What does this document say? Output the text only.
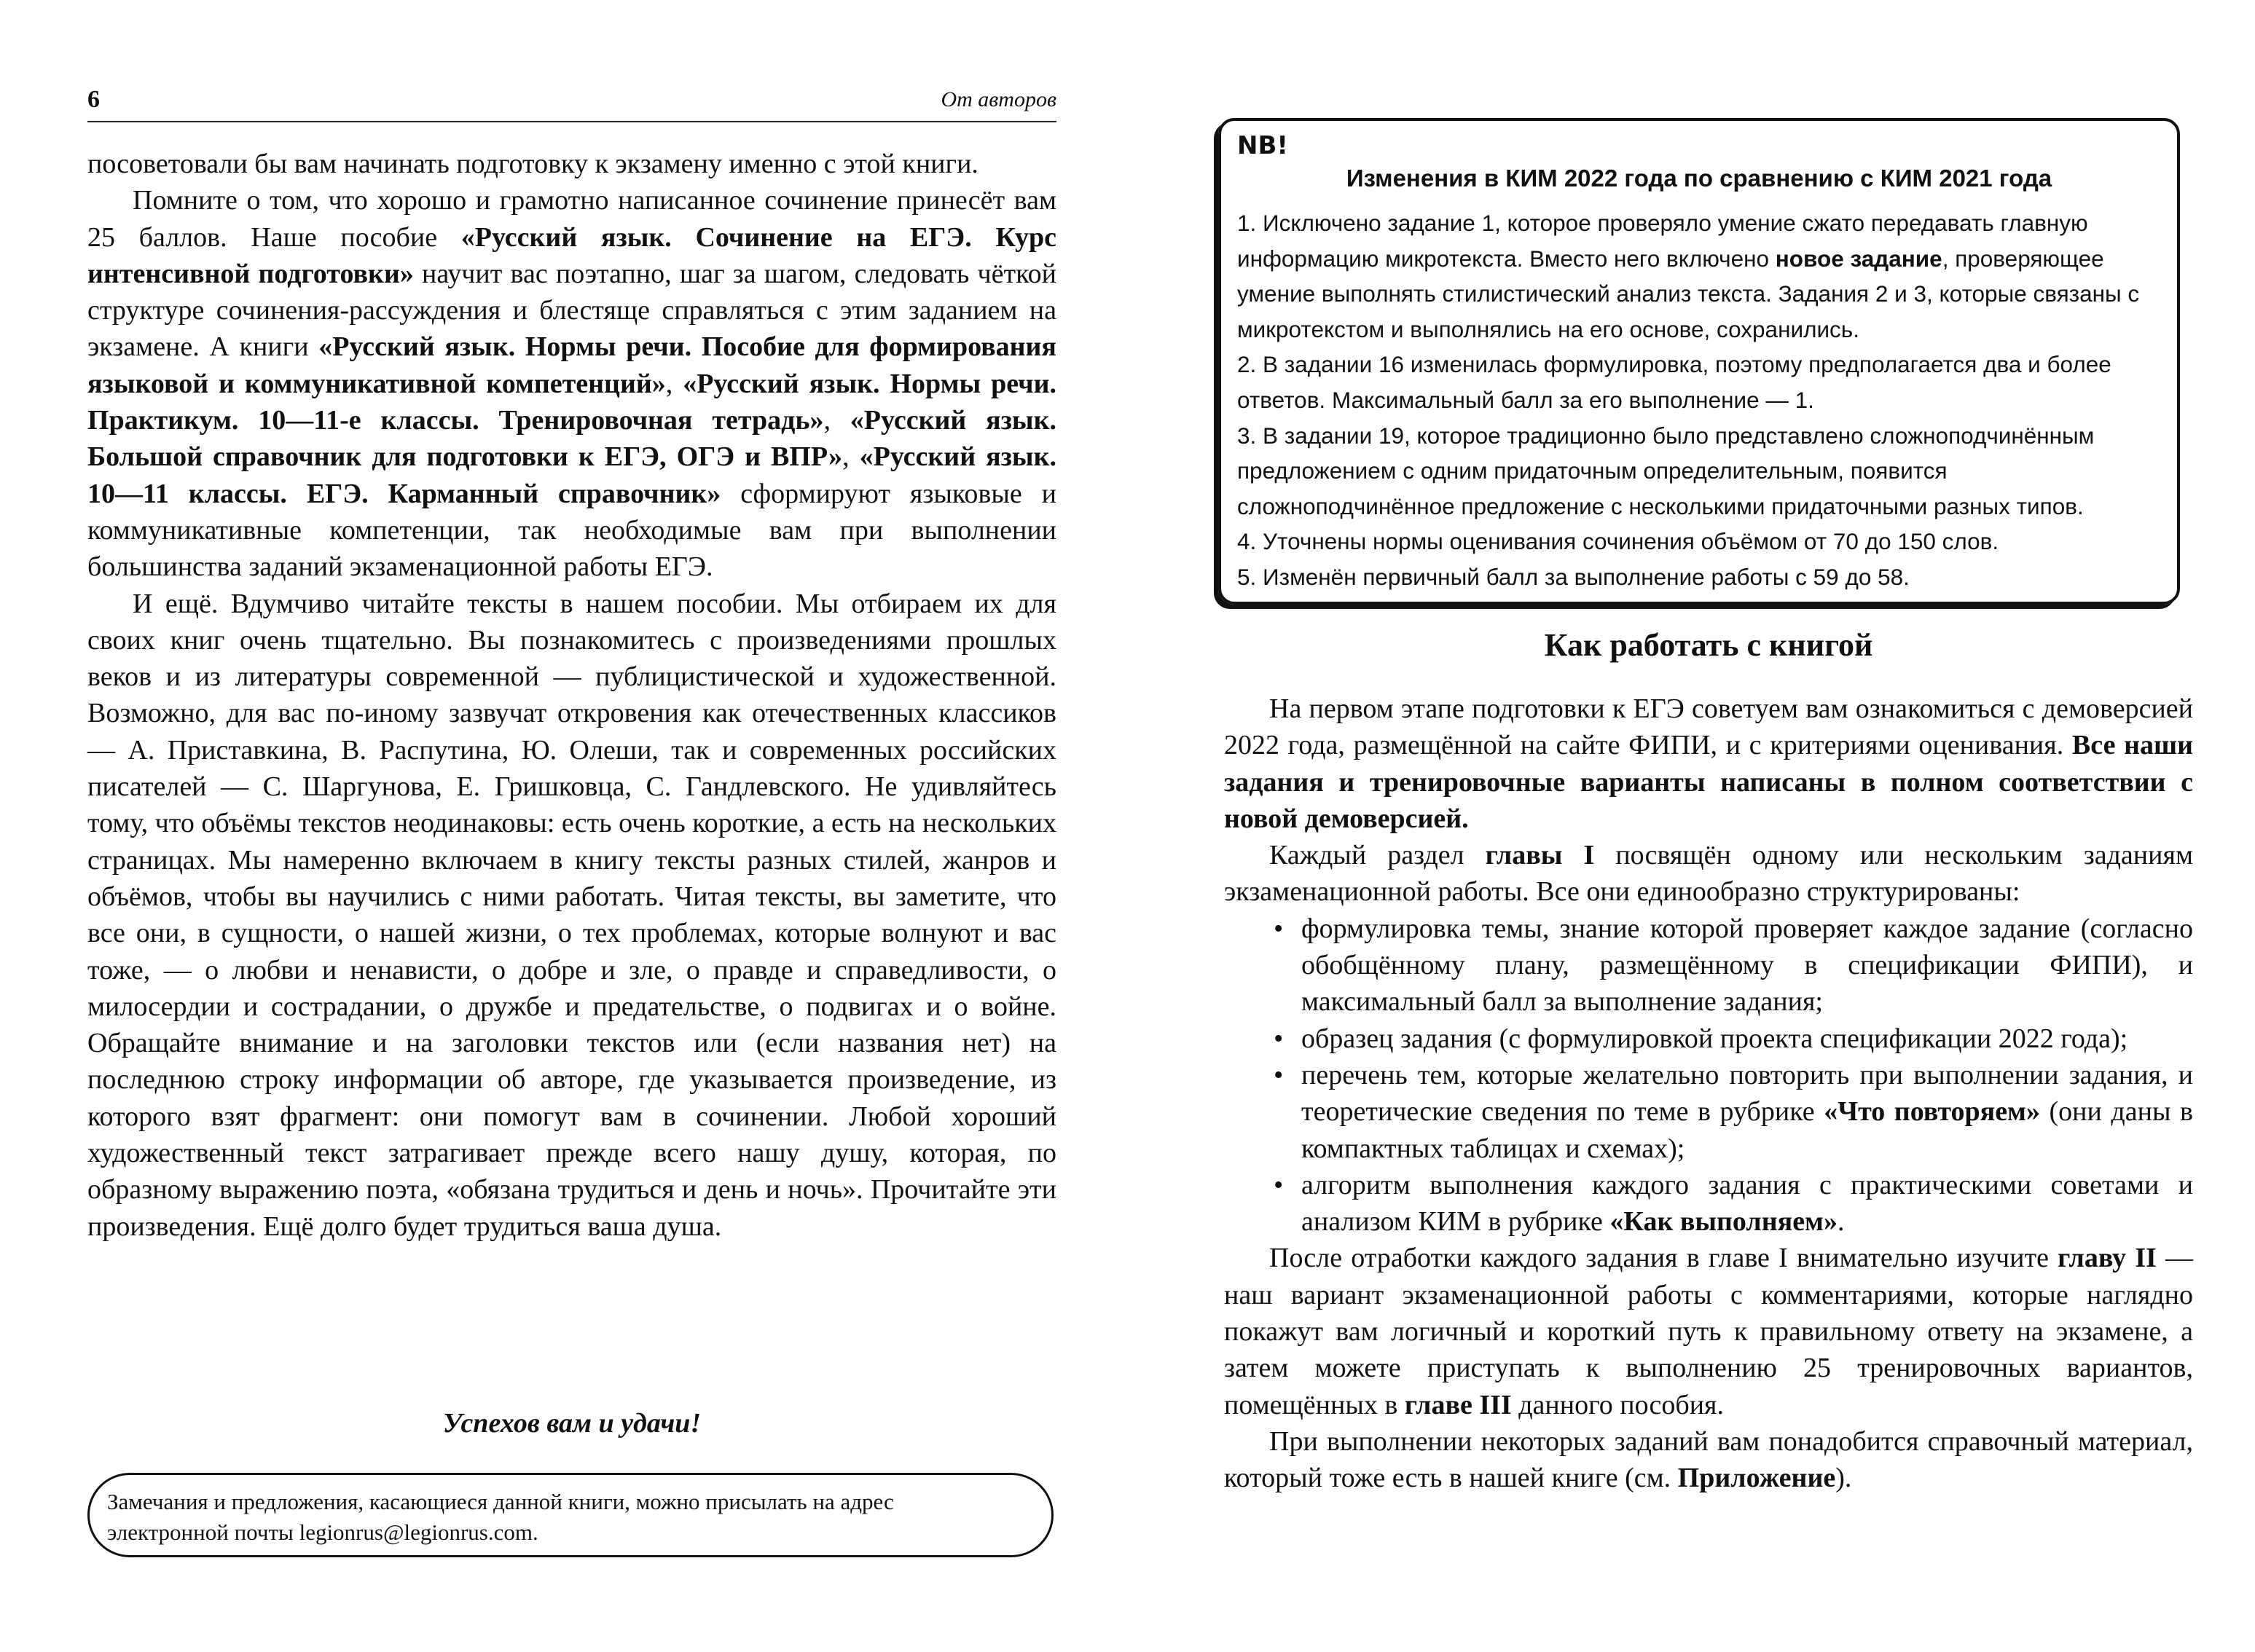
6	От авторов

посоветовали бы вам начинать подготовку к экзамену именно с этой книги.

Помните о том, что хорошо и грамотно написанное сочинение принесёт вам 25 баллов. Наше пособие «Русский язык. Сочинение на ЕГЭ. Курс интенсивной подготовки» научит вас поэтапно, шаг за шагом, следовать чёткой структуре сочинения-рассуждения и блестяще справляться с этим заданием на экзамене. А книги «Русский язык. Нормы речи. Пособие для формирования языковой и коммуникативной компетенций», «Русский язык. Нормы речи. Практикум. 10—11-е классы. Тренировочная тетрадь», «Русский язык. Большой справочник для подготовки к ЕГЭ, ОГЭ и ВПР», «Русский язык. 10—11 классы. ЕГЭ. Карманный справочник» сформируют языковые и коммуникативные компетенции, так необходимые вам при выполнении большинства заданий экзаменационной работы ЕГЭ.

И ещё. Вдумчиво читайте тексты в нашем пособии. Мы отбираем их для своих книг очень тщательно. Вы познакомитесь с произведениями прошлых веков и из литературы современной — публицистической и художественной. Возможно, для вас по-иному зазвучат откровения как отечественных классиков — А. Приставкина, В. Распутина, Ю. Олеши, так и современных российских писателей — С. Шаргунова, Е. Гришковца, С. Гандлевского. Не удивляйтесь тому, что объёмы текстов неодинаковы: есть очень короткие, а есть на нескольких страницах. Мы намеренно включаем в книгу тексты разных стилей, жанров и объёмов, чтобы вы научились с ними работать. Читая тексты, вы заметите, что все они, в сущности, о нашей жизни, о тех проблемах, которые волнуют и вас тоже, — о любви и ненависти, о добре и зле, о правде и справедливости, о милосердии и сострадании, о дружбе и предательстве, о подвигах и о войне. Обращайте внимание и на заголовки текстов или (если названия нет) на последнюю строку информации об авторе, где указывается произведение, из которого взят фрагмент: они помогут вам в сочинении. Любой хороший художественный текст затрагивает прежде всего нашу душу, которая, по образному выражению поэта, «обязана трудиться и день и ночь». Прочитайте эти произведения. Ещё долго будет трудиться ваша душа.

Успехов вам и удачи!
Замечания и предложения, касающиеся данной книги, можно присылать на адрес электронной почты legionrus@legionrus.com.
NB!
Изменения в КИМ 2022 года по сравнению с КИМ 2021 года

1. Исключено задание 1, которое проверяло умение сжато передавать главную информацию микротекста. Вместо него включено новое задание, проверяющее умение выполнять стилистический анализ текста. Задания 2 и 3, которые связаны с микротекстом и выполнялись на его основе, сохранились.

2. В задании 16 изменилась формулировка, поэтому предполагается два и более ответов. Максимальный балл за его выполнение — 1.

3. В задании 19, которое традиционно было представлено сложноподчинённым предложением с одним придаточным определительным, появится сложноподчинённое предложение с несколькими придаточными разных типов.

4. Уточнены нормы оценивания сочинения объёмом от 70 до 150 слов.

5. Изменён первичный балл за выполнение работы с 59 до 58.

Как работать с книгой

На первом этапе подготовки к ЕГЭ советуем вам ознакомиться с демоверсией 2022 года, размещённой на сайте ФИПИ, и с критериями оценивания. Все наши задания и тренировочные варианты написаны в полном соответствии с новой демоверсией.

Каждый раздел главы I посвящён одному или нескольким заданиям экзаменационной работы. Все они единообразно структурированы:

• формулировка темы, знание которой проверяет каждое задание (согласно обобщённому плану, размещённому в спецификации ФИПИ), и максимальный балл за выполнение задания;
• образец задания (с формулировкой проекта спецификации 2022 года);
• перечень тем, которые желательно повторить при выполнении задания, и теоретические сведения по теме в рубрике «Что повторяем» (они даны в компактных таблицах и схемах);
• алгоритм выполнения каждого задания с практическими советами и анализом КИМ в рубрике «Как выполняем».

После отработки каждого задания в главе I внимательно изучите главу II — наш вариант экзаменационной работы с комментариями, которые наглядно покажут вам логичный и короткий путь к правильному ответу на экзамене, а затем можете приступать к выполнению 25 тренировочных вариантов, помещённых в главе III данного пособия.

При выполнении некоторых заданий вам понадобится справочный материал, который тоже есть в нашей книге (см. Приложение).
